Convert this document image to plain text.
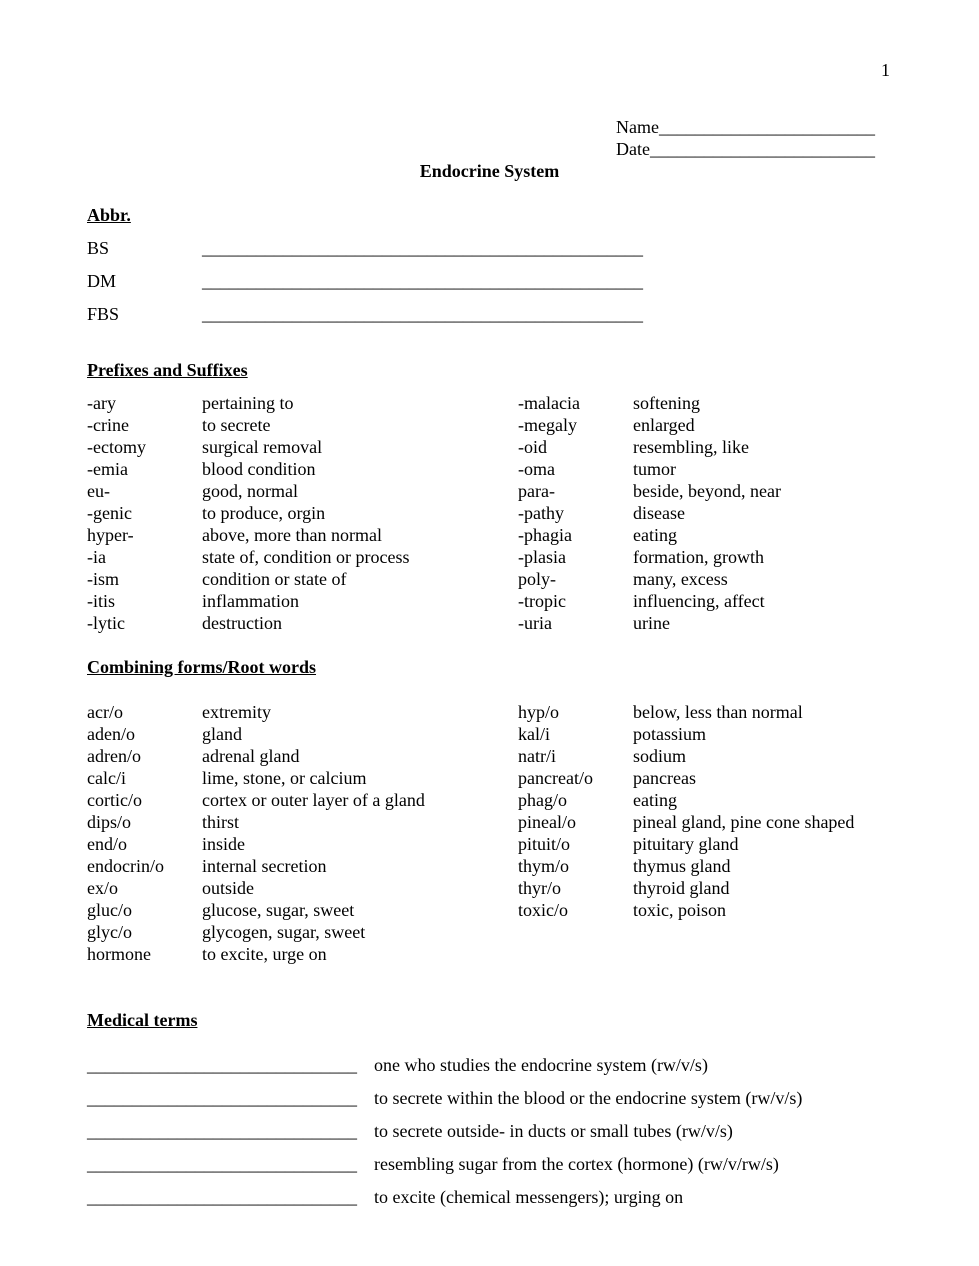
1
Name________________________
Date_________________________
Endocrine System
Abbr.
BS	_________________________________________________
DM	_________________________________________________
FBS	_________________________________________________
Prefixes and Suffixes
-ary	pertaining to	-malacia	softening
-crine	to secrete	-megaly	enlarged
-ectomy	surgical removal	-oid	resembling, like
-emia	blood condition	-oma	tumor
eu-	good, normal	para-	beside, beyond, near
-genic	to produce, orgin	-pathy	disease
hyper-	above, more than normal	-phagia	eating
-ia	state of, condition or process	-plasia	formation, growth
-ism	condition or state of	poly-	many, excess
-itis	inflammation	-tropic	influencing, affect
-lytic	destruction	-uria	urine
Combining forms/Root words
acr/o	extremity	hyp/o	below, less than normal
aden/o	gland	kal/i	potassium
adren/o	adrenal gland	natr/i	sodium
calc/i	lime, stone, or calcium	pancreat/o pancreas
cortic/o	cortex or outer layer of a gland	phag/o	eating
dips/o	thirst	pineal/o	pineal gland, pine cone shaped
end/o	inside	pituit/o	pituitary gland
endocrin/o internal secretion	thym/o	thymus gland
ex/o	outside	thyr/o	thyroid gland
gluc/o	glucose, sugar, sweet	toxic/o	toxic, poison
glyc/o	glycogen, sugar, sweet
hormone	to excite, urge on
Medical terms
______________________________ one who studies the endocrine system (rw/v/s)
______________________________ to secrete within the blood or the endocrine system (rw/v/s)
______________________________ to secrete outside- in ducts or small tubes (rw/v/s)
______________________________ resembling sugar from the cortex (hormone) (rw/v/rw/s)
______________________________ to excite (chemical messengers); urging on
